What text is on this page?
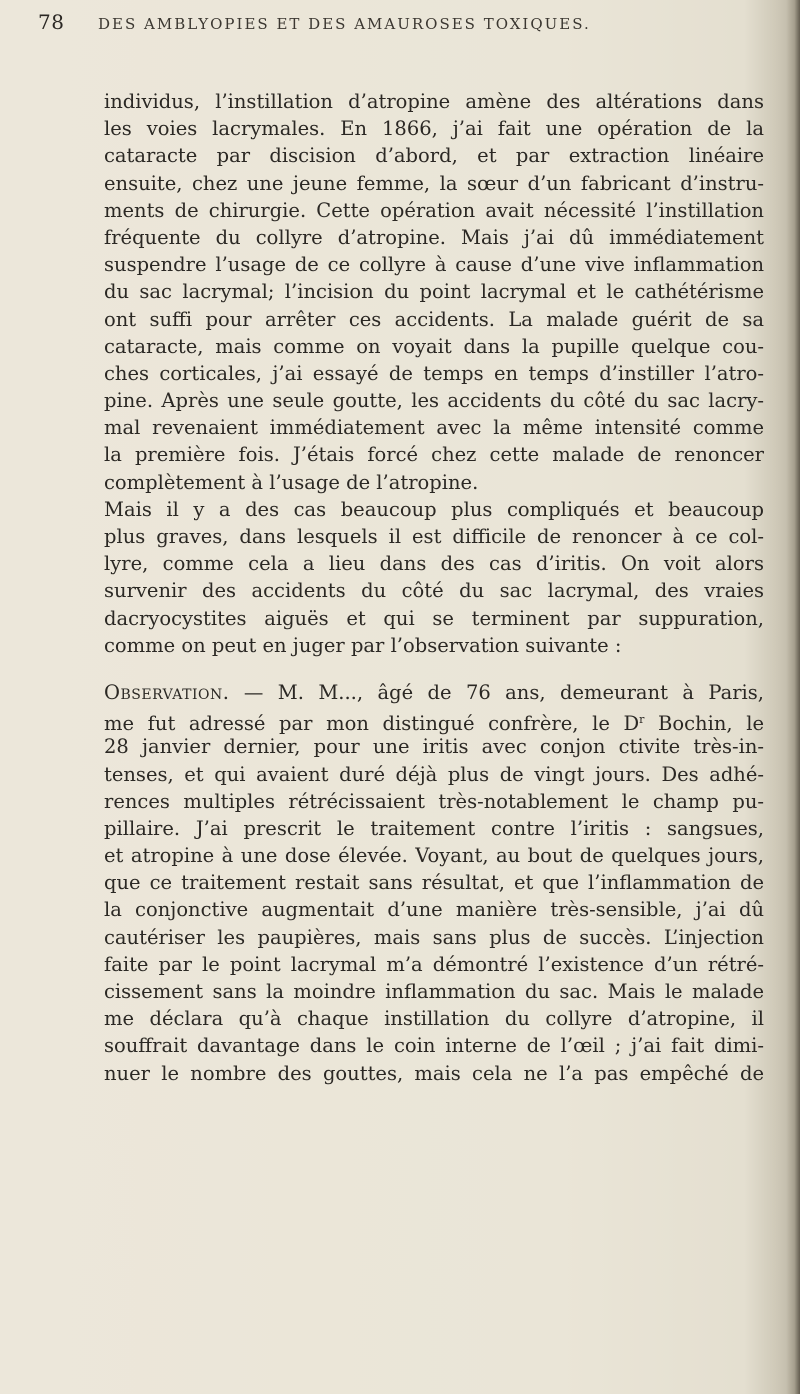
78 DES AMBLYOPIES ET DES AMAUROSES TOXIQUES.
individus, l’instillation d’atropine amène des altérations dans
les voies lacrymales. En 1866, j’ai fait une opération de la
cataracte par discision d’abord, et par extraction linéaire
ensuite, chez une jeune femme, la sœur d’un fabricant d’instru-
ments de chirurgie. Cette opération avait nécessité l’instillation
fréquente du collyre d’atropine. Mais j’ai dû immédiatement
suspendre l’usage de ce collyre à cause d’une vive inflammation
du sac lacrymal; l’incision du point lacrymal et le cathétérisme
ont suffi pour arrêter ces accidents. La malade guérit de sa
cataracte, mais comme on voyait dans la pupille quelque cou-
ches corticales, j’ai essayé de temps en temps d’instiller l’atro-
pine. Après une seule goutte, les accidents du côté du sac lacry-
mal revenaient immédiatement avec la même intensité comme
la première fois. J’étais forcé chez cette malade de renoncer
complètement à l’usage de l’atropine.
Mais il y a des cas beaucoup plus compliqués et beaucoup
plus graves, dans lesquels il est difficile de renoncer à ce col-
lyre, comme cela a lieu dans des cas d’iritis. On voit alors
survenir des accidents du côté du sac lacrymal, des vraies
dacryocystites aiguës et qui se terminent par suppuration,
comme on peut en juger par l’observation suivante :
Observation. — M. M..., âgé de 76 ans, demeurant à Paris,
me fut adressé par mon distingué confrère, le $D^r$ Bochin, le
28 janvier dernier, pour une iritis avec conjon ctivite très-in-
tenses, et qui avaient duré déjà plus de vingt jours. Des adhé-
rences multiples rétrécissaient très-notablement le champ pu-
pillaire. J’ai prescrit le traitement contre l’iritis : sangsues,
et atropine à une dose élevée. Voyant, au bout de quelques jours,
que ce traitement restait sans résultat, et que l’inflammation de
la conjonctive augmentait d’une manière très-sensible, j’ai dû
cautériser les paupières, mais sans plus de succès. L’injection
faite par le point lacrymal m’a démontré l’existence d’un rétré-
cissement sans la moindre inflammation du sac. Mais le malade
me déclara qu’à chaque instillation du collyre d’atropine, il
souffrait davantage dans le coin interne de l’œil ; j’ai fait dimi-
nuer le nombre des gouttes, mais cela ne l’a pas empêché de
